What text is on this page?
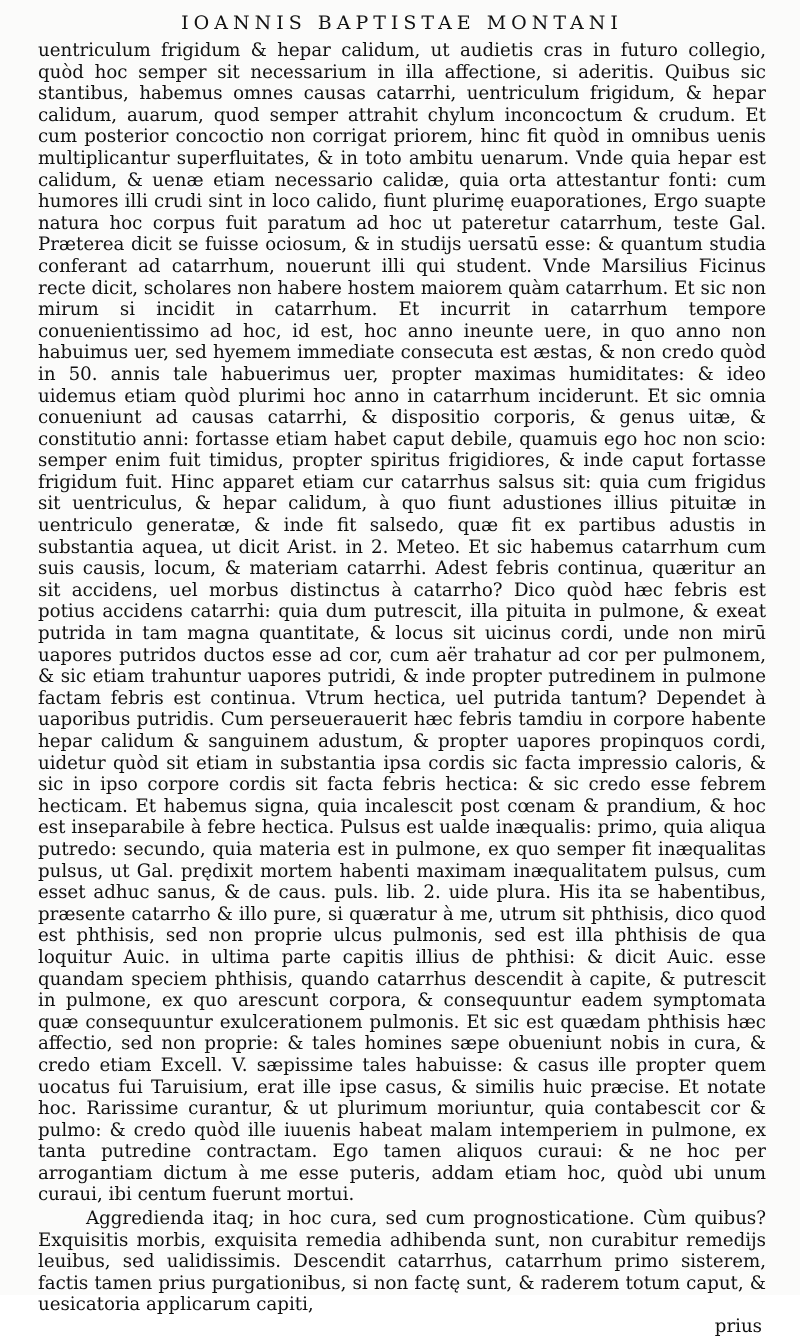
IOANNIS BAPTISTAE MONTANI

uentriculum frigidum & hepar calidum, ut audietis cras in futuro collegio, quòd hoc semper sit necessarium in illa affectione, si aderitis. Quibus sic stantibus, habemus omnes causas catarrhi, uentriculum frigidum, & hepar calidum, auarum, quod semper attrahit chylum inconcoctum & crudum. Et cum posterior concoctio non corrigat priorem, hinc fit quòd in omnibus uenis multiplicantur superfluitates, & in toto ambitu uenarum. Vnde quia hepar est calidum, & uenæ etiam necessario calidæ, quia orta attestantur fonti: cum humores illi crudi sint in loco calido, fiunt plurimę euaporationes, Ergo suapte natura hoc corpus fuit paratum ad hoc ut pateretur catarrhum, teste Gal. Præterea dicit se fuisse ociosum, & in studijs uersatū esse: & quantum studia conferant ad catarrhum, nouerunt illi qui student. Vnde Marsilius Ficinus recte dicit, scholares non habere hostem maiorem quàm catarrhum. Et sic non mirum si incidit in catarrhum. Et incurrit in catarrhum tempore conuenientissimo ad hoc, id est, hoc anno ineunte uere, in quo anno non habuimus uer, sed hyemem immediate consecuta est æstas, & non credo quòd in 50. annis tale habuerimus uer, propter maximas humiditates: & ideo uidemus etiam quòd plurimi hoc anno in catarrhum inciderunt. Et sic omnia conueniunt ad causas catarrhi, & dispositio corporis, & genus uitæ, & constitutio anni: fortasse etiam habet caput debile, quamuis ego hoc non scio: semper enim fuit timidus, propter spiritus frigidiores, & inde caput fortasse frigidum fuit. Hinc apparet etiam cur catarrhus salsus sit: quia cum frigidus sit uentriculus, & hepar calidum, à quo fiunt adustiones illius pituitæ in uentriculo generatæ, & inde fit salsedo, quæ fit ex partibus adustis in substantia aquea, ut dicit Arist. in 2. Meteo. Et sic habemus catarrhum cum suis causis, locum, & materiam catarrhi. Adest febris continua, quæritur an sit accidens, uel morbus distinctus à catarrho? Dico quòd hæc febris est potius accidens catarrhi: quia dum putrescit, illa pituita in pulmone, & exeat putrida in tam magna quantitate, & locus sit uicinus cordi, unde non mirū uapores putridos ductos esse ad cor, cum aër trahatur ad cor per pulmonem, & sic etiam trahuntur uapores putridi, & inde propter putredinem in pulmone factam febris est continua. Vtrum hectica, uel putrida tantum? Dependet à uaporibus putridis. Cum perseuerauerit hæc febris tamdiu in corpore habente hepar calidum & sanguinem adustum, & propter uapores propinquos cordi, uidetur quòd sit etiam in substantia ipsa cordis sic facta impressio caloris, & sic in ipso corpore cordis sit facta febris hectica: & sic credo esse febrem hecticam. Et habemus signa, quia incalescit post cœnam & prandium, & hoc est inseparabile à febre hectica. Pulsus est ualde inæqualis: primo, quia aliqua putredo: secundo, quia materia est in pulmone, ex quo semper fit inæqualitas pulsus, ut Gal. prędixit mortem habenti maximam inæqualitatem pulsus, cum esset adhuc sanus, & de caus. puls. lib. 2. uide plura. His ita se habentibus, præsente catarrho & illo pure, si quæratur à me, utrum sit phthisis, dico quod est phthisis, sed non proprie ulcus pulmonis, sed est illa phthisis de qua loquitur Auic. in ultima parte capitis illius de phthisi: & dicit Auic. esse quandam speciem phthisis, quando catarrhus descendit à capite, & putrescit in pulmone, ex quo arescunt corpora, & consequuntur eadem symptomata quæ consequuntur exulcerationem pulmonis. Et sic est quædam phthisis hæc affectio, sed non proprie: & tales homines sæpe obueniunt nobis in cura, & credo etiam Excell. V. sæpissime tales habuisse: & casus ille propter quem uocatus fui Taruisium, erat ille ipse casus, & similis huic præcise. Et notate hoc. Rarissime curantur, & ut plurimum moriuntur, quia contabescit cor & pulmo: & credo quòd ille iuuenis habeat malam intemperiem in pulmone, ex tanta putredine contractam. Ego tamen aliquos curaui: & ne hoc per arrogantiam dictum à me esse puteris, addam etiam hoc, quòd ubi unum curaui, ibi centum fuerunt mortui.

Aggredienda itaq; in hoc cura, sed cum prognosticatione. Cùm quibus? Exquisitis morbis, exquisita remedia adhibenda sunt, non curabitur remedijs leuibus, sed ualidissimis. Descendit catarrhus, catarrhum primo sisterem, factis tamen prius purgationibus, si non factę sunt, & raderem totum caput, & uesicatoria applicarum capiti,

prius
